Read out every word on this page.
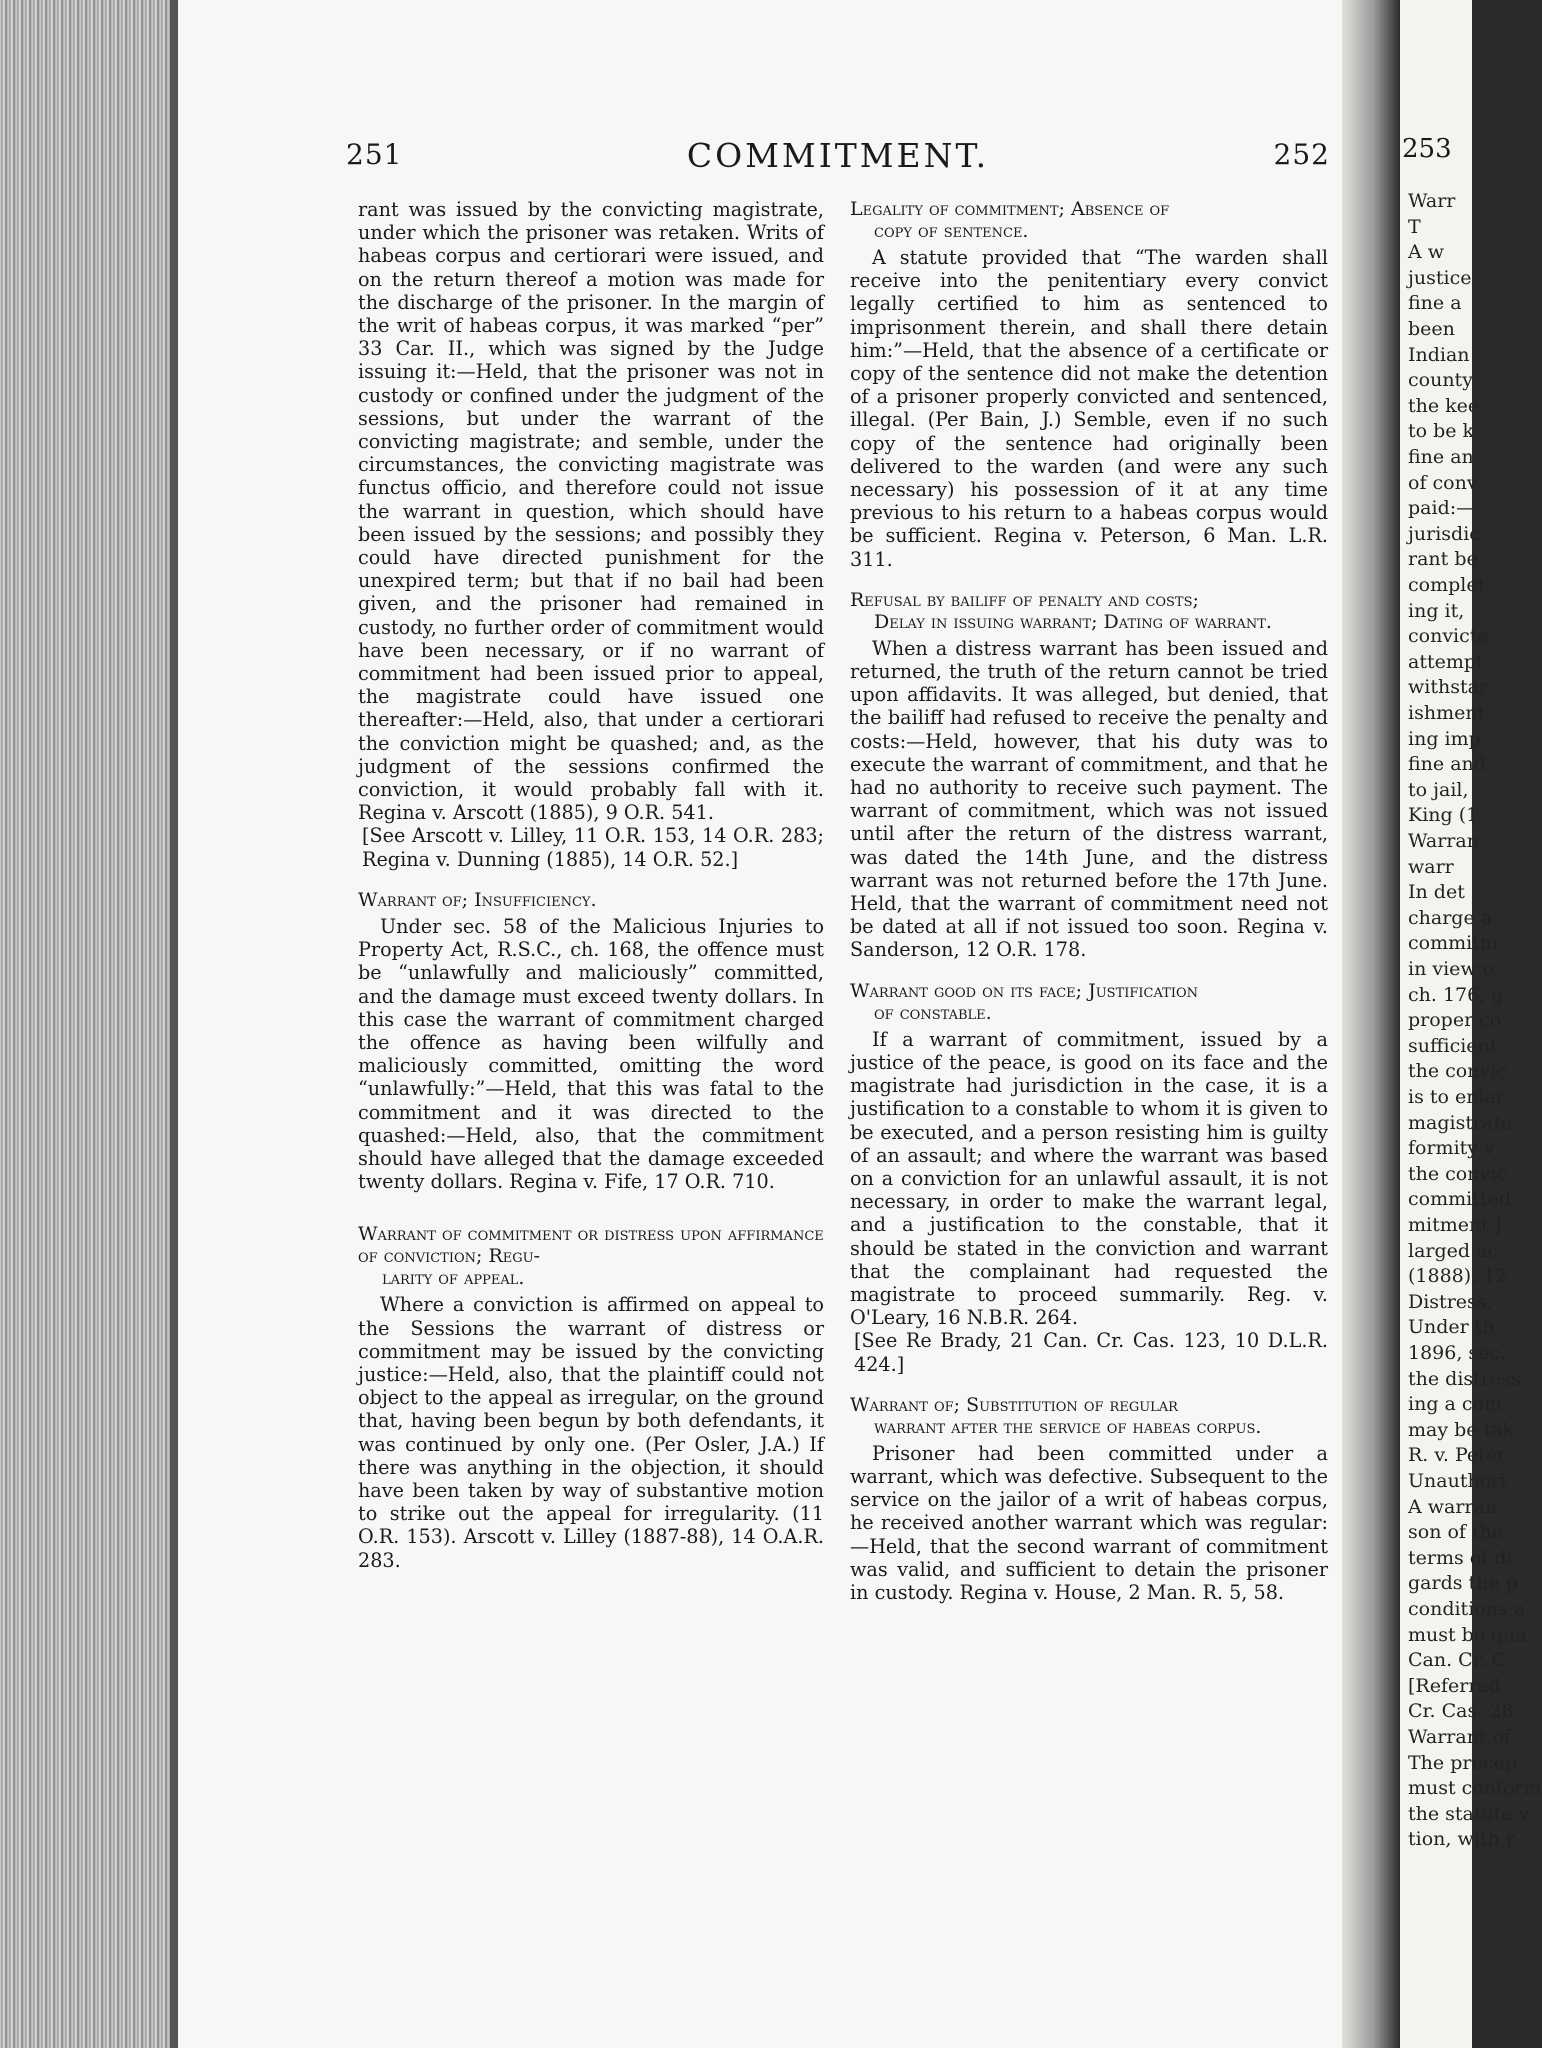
251	COMMITMENT.	252

rant was issued by the convicting magistrate, under which the prisoner was retaken. Writs of habeas corpus and certiorari were issued, and on the return thereof a motion was made for the discharge of the prisoner. In the margin of the writ of habeas corpus, it was marked “per” 33 Car. II., which was signed by the Judge issuing it:—Held, that the prisoner was not in custody or confined under the judgment of the sessions, but under the warrant of the convicting magistrate; and semble, under the circumstances, the convicting magistrate was functus officio, and therefore could not issue the warrant in question, which should have been issued by the sessions; and possibly they could have directed punishment for the unexpired term; but that if no bail had been given, and the prisoner had remained in custody, no further order of commitment would have been necessary, or if no warrant of commitment had been issued prior to appeal, the magistrate could have issued one thereafter:—Held, also, that under a certiorari the conviction might be quashed; and, as the judgment of the sessions confirmed the conviction, it would probably fall with it. Regina v. Arscott (1885), 9 O.R. 541.

[See Arscott v. Lilley, 11 O.R. 153, 14 O.R. 283; Regina v. Dunning (1885), 14 O.R. 52.]

Warrant of; Insufficiency.

Under sec. 58 of the Malicious Injuries to Property Act, R.S.C., ch. 168, the offence must be “unlawfully and maliciously” committed, and the damage must exceed twenty dollars. In this case the warrant of commitment charged the offence as having been wilfully and maliciously committed, omitting the word “unlawfully:”—Held, that this was fatal to the commitment and it was directed to the quashed:—Held, also, that the commitment should have alleged that the damage exceeded twenty dollars. Regina v. Fife, 17 O.R. 710.

Warrant of commitment or distress upon affirmance of conviction; Regu-
larity of appeal.

Where a conviction is affirmed on appeal to the Sessions the warrant of distress or commitment may be issued by the convicting justice:—Held, also, that the plaintiff could not object to the appeal as irregular, on the ground that, having been begun by both defendants, it was continued by only one. (Per Osler, J.A.) If there was anything in the objection, it should have been taken by way of substantive motion to strike out the appeal for irregularity. (11 O.R. 153). Arscott v. Lilley (1887-88), 14 O.A.R. 283.

Legality of commitment; Absence of
copy of sentence.

A statute provided that “The warden shall receive into the penitentiary every convict legally certified to him as sentenced to imprisonment therein, and shall there detain him:”—Held, that the absence of a certificate or copy of the sentence did not make the detention of a prisoner properly convicted and sentenced, illegal. (Per Bain, J.) Semble, even if no such copy of the sentence had originally been delivered to the warden (and were any such necessary) his possession of it at any time previous to his return to a habeas corpus would be sufficient. Regina v. Peterson, 6 Man. L.R. 311.

Refusal by bailiff of penalty and costs;
Delay in issuing warrant; Dating of warrant.

When a distress warrant has been issued and returned, the truth of the return cannot be tried upon affidavits. It was alleged, but denied, that the bailiff had refused to receive the penalty and costs:—Held, however, that his duty was to execute the warrant of commitment, and that he had no authority to receive such payment. The warrant of commitment, which was not issued until after the return of the distress warrant, was dated the 14th June, and the distress warrant was not returned before the 17th June. Held, that the warrant of commitment need not be dated at all if not issued too soon. Regina v. Sanderson, 12 O.R. 178.

Warrant good on its face; Justification
of constable.

If a warrant of commitment, issued by a justice of the peace, is good on its face and the magistrate had jurisdiction in the case, it is a justification to a constable to whom it is given to be executed, and a person resisting him is guilty of an assault; and where the warrant was based on a conviction for an unlawful assault, it is not necessary, in order to make the warrant legal, and a justification to the constable, that it should be stated in the conviction and warrant that the complainant had requested the magistrate to proceed summarily. Reg. v. O'Leary, 16 N.B.R. 264.

[See Re Brady, 21 Can. Cr. Cas. 123, 10 D.L.R. 424.]

Warrant of; Substitution of regular
warrant after the service of habeas corpus.

Prisoner had been committed under a warrant, which was defective. Subsequent to the service on the jailor of a writ of habeas corpus, he received another warrant which was regular:—Held, that the second warrant of commitment was valid, and sufficient to detain the prisoner in custody. Regina v. House, 2 Man. R. 5, 58.

253
Warr
T
A w
justice
fine a
been
Indian
county
the kee
to be k
fine an
of conv
paid:—
jurisdic
rant be
complet
ing it,
convicte
attempt
withstar
ishment
ing imp
fine and
to jail,
King (1
Warran
warr
In det
charge a
commitm
in view o
ch. 176, g
proper co
sufficient
the convic
is to enlar
magistrate
formity v
the convic
committed
mitment J
larged ac
(1888), 12
Distress;
Under th
1896, sec.
the distress
ing a com
may be tak
R. v. Peter
Unauthori
A warran
son of the
terms of di
gards the p
conditions a
must be qua
Can. Cr. C
[Referred
Cr. Cas. 28
Warrant of
The precep
must conform
the statute v
tion, with r
